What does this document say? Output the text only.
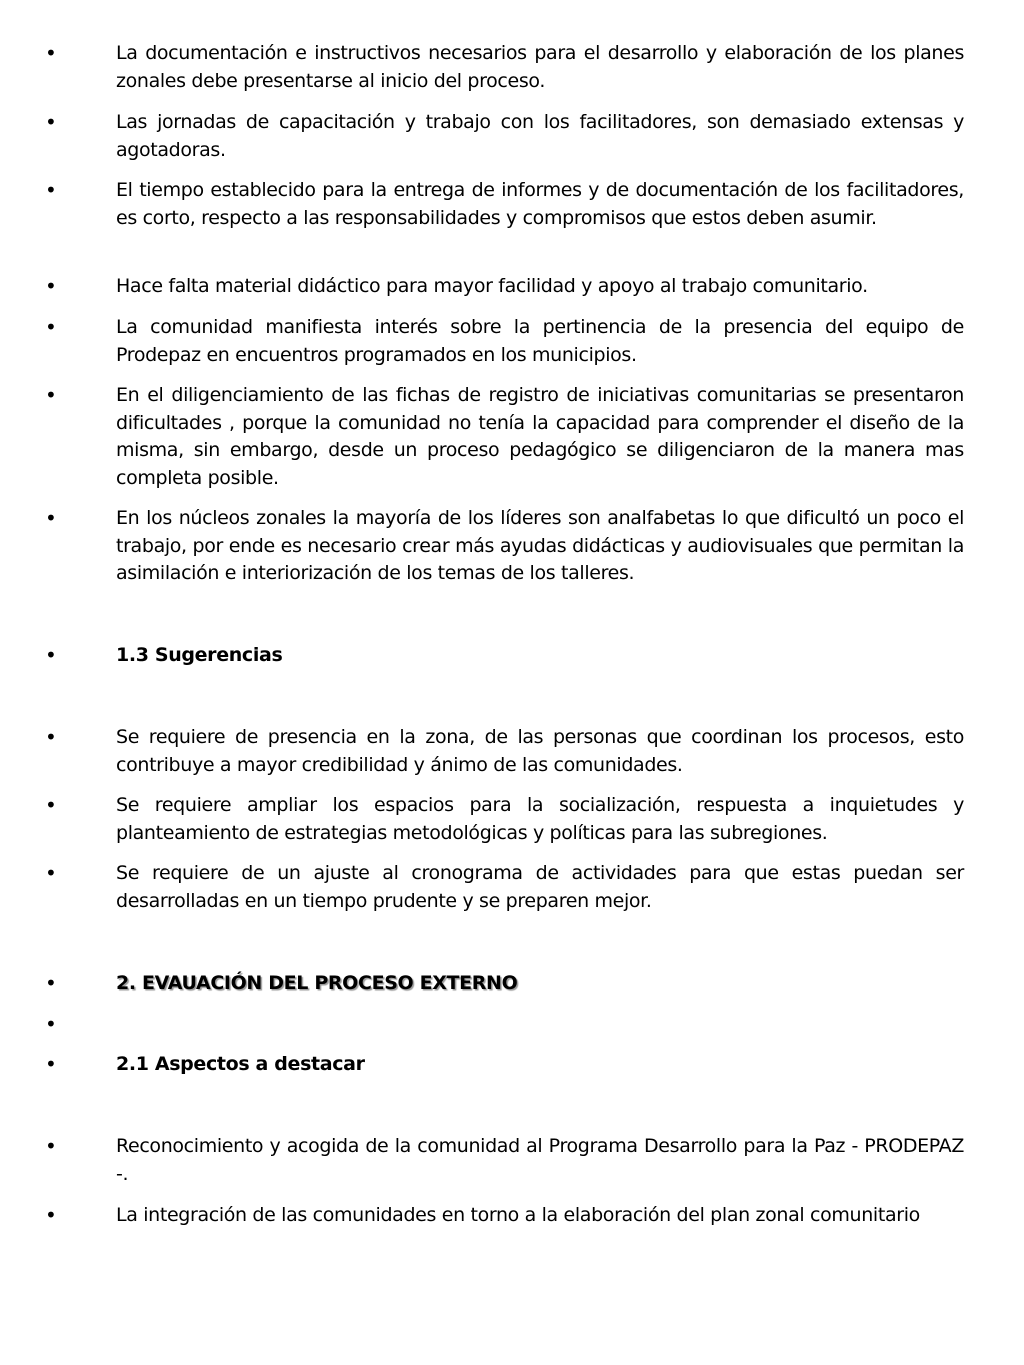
•	La documentación e instructivos necesarios para el desarrollo y elaboración de los planes zonales debe presentarse al inicio del proceso.
•	Las jornadas de capacitación y trabajo con los facilitadores, son demasiado extensas y agotadoras.
•	El tiempo establecido para la entrega de informes y de documentación de los facilitadores, es corto, respecto a las responsabilidades y compromisos que estos deben asumir.
•	Hace falta material didáctico para mayor facilidad y apoyo al trabajo comunitario.
•	La comunidad manifiesta interés sobre la pertinencia de la presencia del equipo de Prodepaz en encuentros programados en los municipios.
•	En el diligenciamiento de las fichas de registro de iniciativas comunitarias se presentaron dificultades , porque la comunidad no tenía la capacidad para comprender el diseño de la misma, sin embargo, desde un proceso pedagógico se diligenciaron de la manera mas completa posible.
•	En los núcleos zonales la mayoría de los líderes son analfabetas lo que dificultó un poco el trabajo, por ende es necesario crear más ayudas didácticas y audiovisuales que permitan la asimilación e interiorización de los temas de los talleres.
•	1.3 Sugerencias
•	Se requiere de presencia en la zona, de las personas que coordinan los procesos, esto contribuye a mayor credibilidad y ánimo de las comunidades.
•	Se requiere ampliar los espacios para la socialización, respuesta a inquietudes y planteamiento de estrategias metodológicas y políticas para las subregiones.
•	Se requiere de un ajuste al cronograma de actividades para que estas puedan ser desarrolladas en un tiempo prudente y se preparen mejor.
•	2. EVAUACIÓN DEL PROCESO EXTERNO
•
•	2.1 Aspectos a destacar
•	Reconocimiento y acogida de la comunidad al Programa Desarrollo para la Paz - PRODEPAZ -.
•	La integración de las comunidades en torno a la elaboración del plan zonal comunitario
